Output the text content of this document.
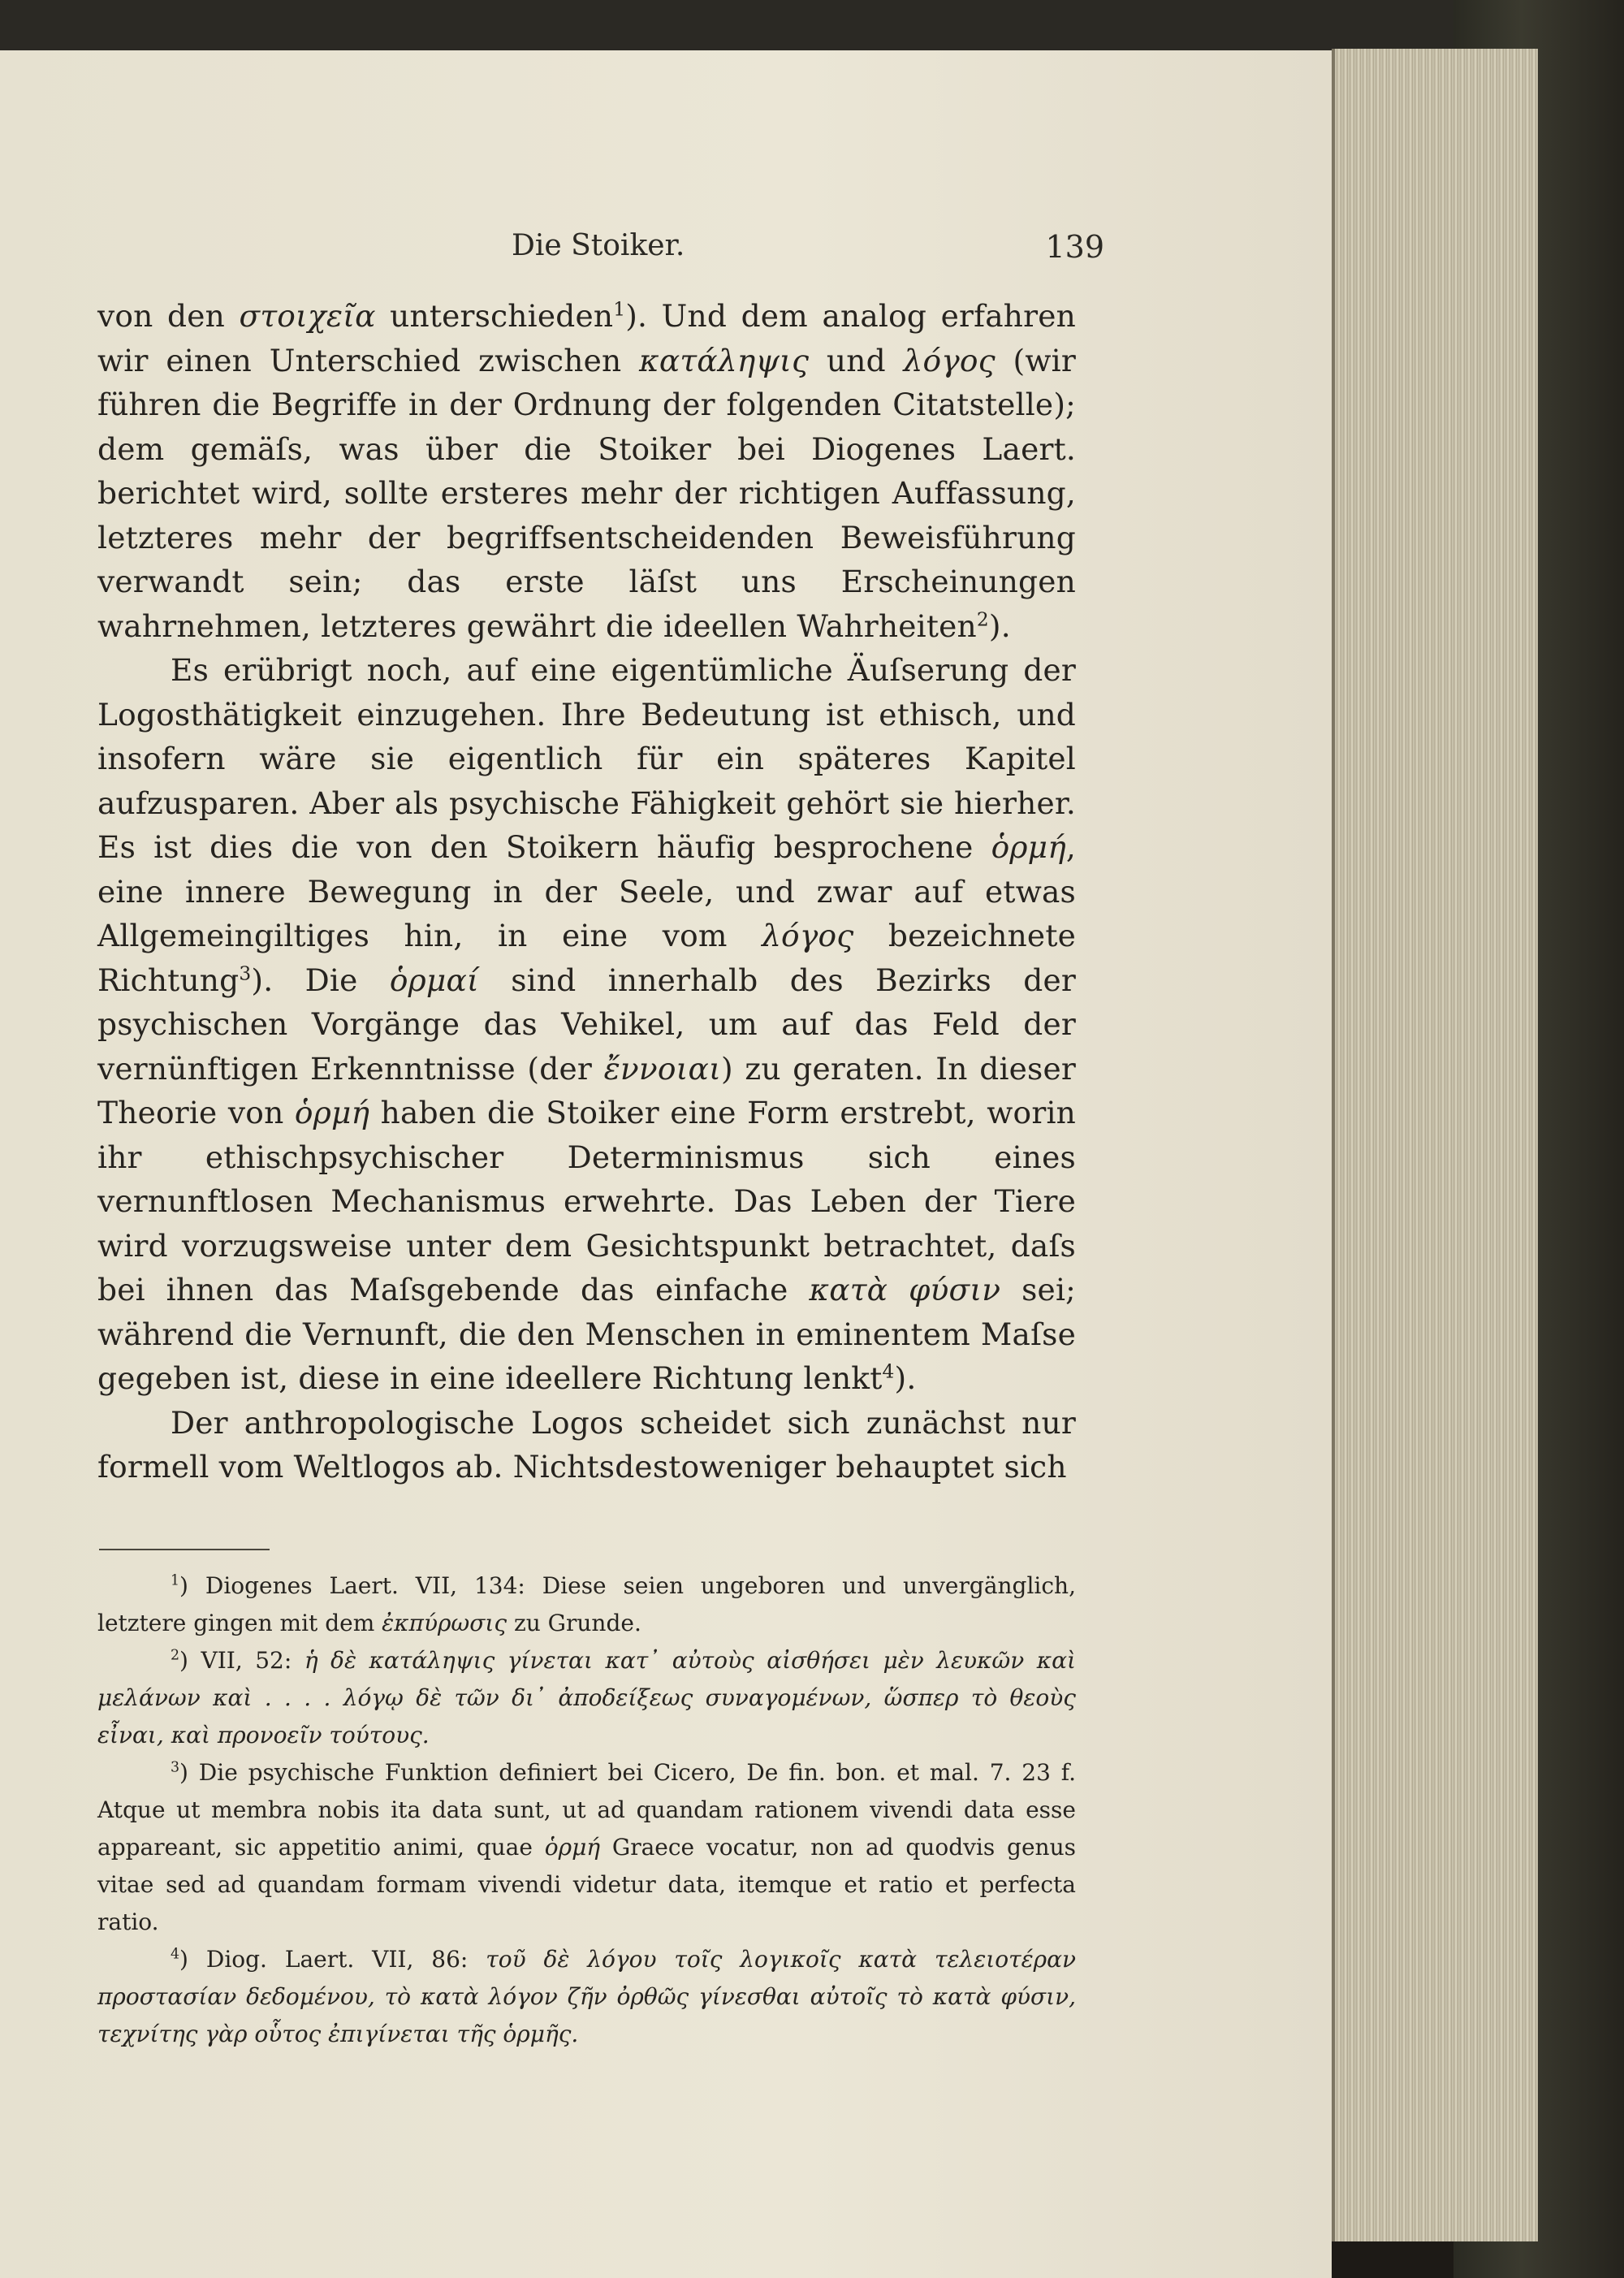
Die Stoiker.	139

von den στοιχεῖα unterschieden$^1$). Und dem analog erfahren wir einen Unterschied zwischen κατάληψις und λόγος (wir führen die Begriffe in der Ordnung der folgenden Citatstelle); dem gemäſs, was über die Stoiker bei Diogenes Laert. berichtet wird, sollte ersteres mehr der richtigen Auffassung, letzteres mehr der begriffsentscheidenden Beweisführung verwandt sein; das erste läſst uns Erscheinungen wahrnehmen, letzteres gewährt die ideellen Wahrheiten$^2$).

Es erübrigt noch, auf eine eigentümliche Äuſserung der Logosthätigkeit einzugehen. Ihre Bedeutung ist ethisch, und insofern wäre sie eigentlich für ein späteres Kapitel aufzusparen. Aber als psychische Fähigkeit gehört sie hierher. Es ist dies die von den Stoikern häufig besprochene ὁρμή, eine innere Bewegung in der Seele, und zwar auf etwas Allgemeingiltiges hin, in eine vom λόγος bezeichnete Richtung$^3$). Die ὁρμαί sind innerhalb des Bezirks der psychischen Vorgänge das Vehikel, um auf das Feld der vernünftigen Erkenntnisse (der ἔννοιαι) zu geraten. In dieser Theorie von ὁρμή haben die Stoiker eine Form erstrebt, worin ihr ethischpsychischer Determinismus sich eines vernunftlosen Mechanismus erwehrte. Das Leben der Tiere wird vorzugsweise unter dem Gesichtspunkt betrachtet, daſs bei ihnen das Maſsgebende das einfache κατὰ φύσιν sei; während die Vernunft, die den Menschen in eminentem Maſse gegeben ist, diese in eine ideellere Richtung lenkt$^4$).

Der anthropologische Logos scheidet sich zunächst nur formell vom Weltlogos ab. Nichtsdestoweniger behauptet sich

$^1$) Diogenes Laert. VII, 134: Diese seien ungeboren und unvergänglich, letztere gingen mit dem ἐκπύρωσις zu Grunde.

$^2$) VII, 52: ἡ δὲ κατάληψις γίνεται κατ᾽ αὐτοὺς αἰσθήσει μὲν λευκῶν καὶ μελάνων καὶ . . . . λόγῳ δὲ τῶν δι᾽ ἀποδείξεως συναγομένων, ὥσπερ τὸ θεοὺς εἶναι, καὶ προνοεῖν τούτους.

$^3$) Die psychische Funktion definiert bei Cicero, De fin. bon. et mal. 7. 23 f. Atque ut membra nobis ita data sunt, ut ad quandam rationem vivendi data esse appareant, sic appetitio animi, quae ὁρμή Graece vocatur, non ad quodvis genus vitae sed ad quandam formam vivendi videtur data, itemque et ratio et perfecta ratio.

$^4$) Diog. Laert. VII, 86: τοῦ δὲ λόγου τοῖς λογικοῖς κατὰ τελειοτέραν προστασίαν δεδομένου, τὸ κατὰ λόγον ζῆν ὀρθῶς γίνεσθαι αὐτοῖς τὸ κατὰ φύσιν, τεχνίτης γὰρ οὗτος ἐπιγίνεται τῆς ὁρμῆς.
